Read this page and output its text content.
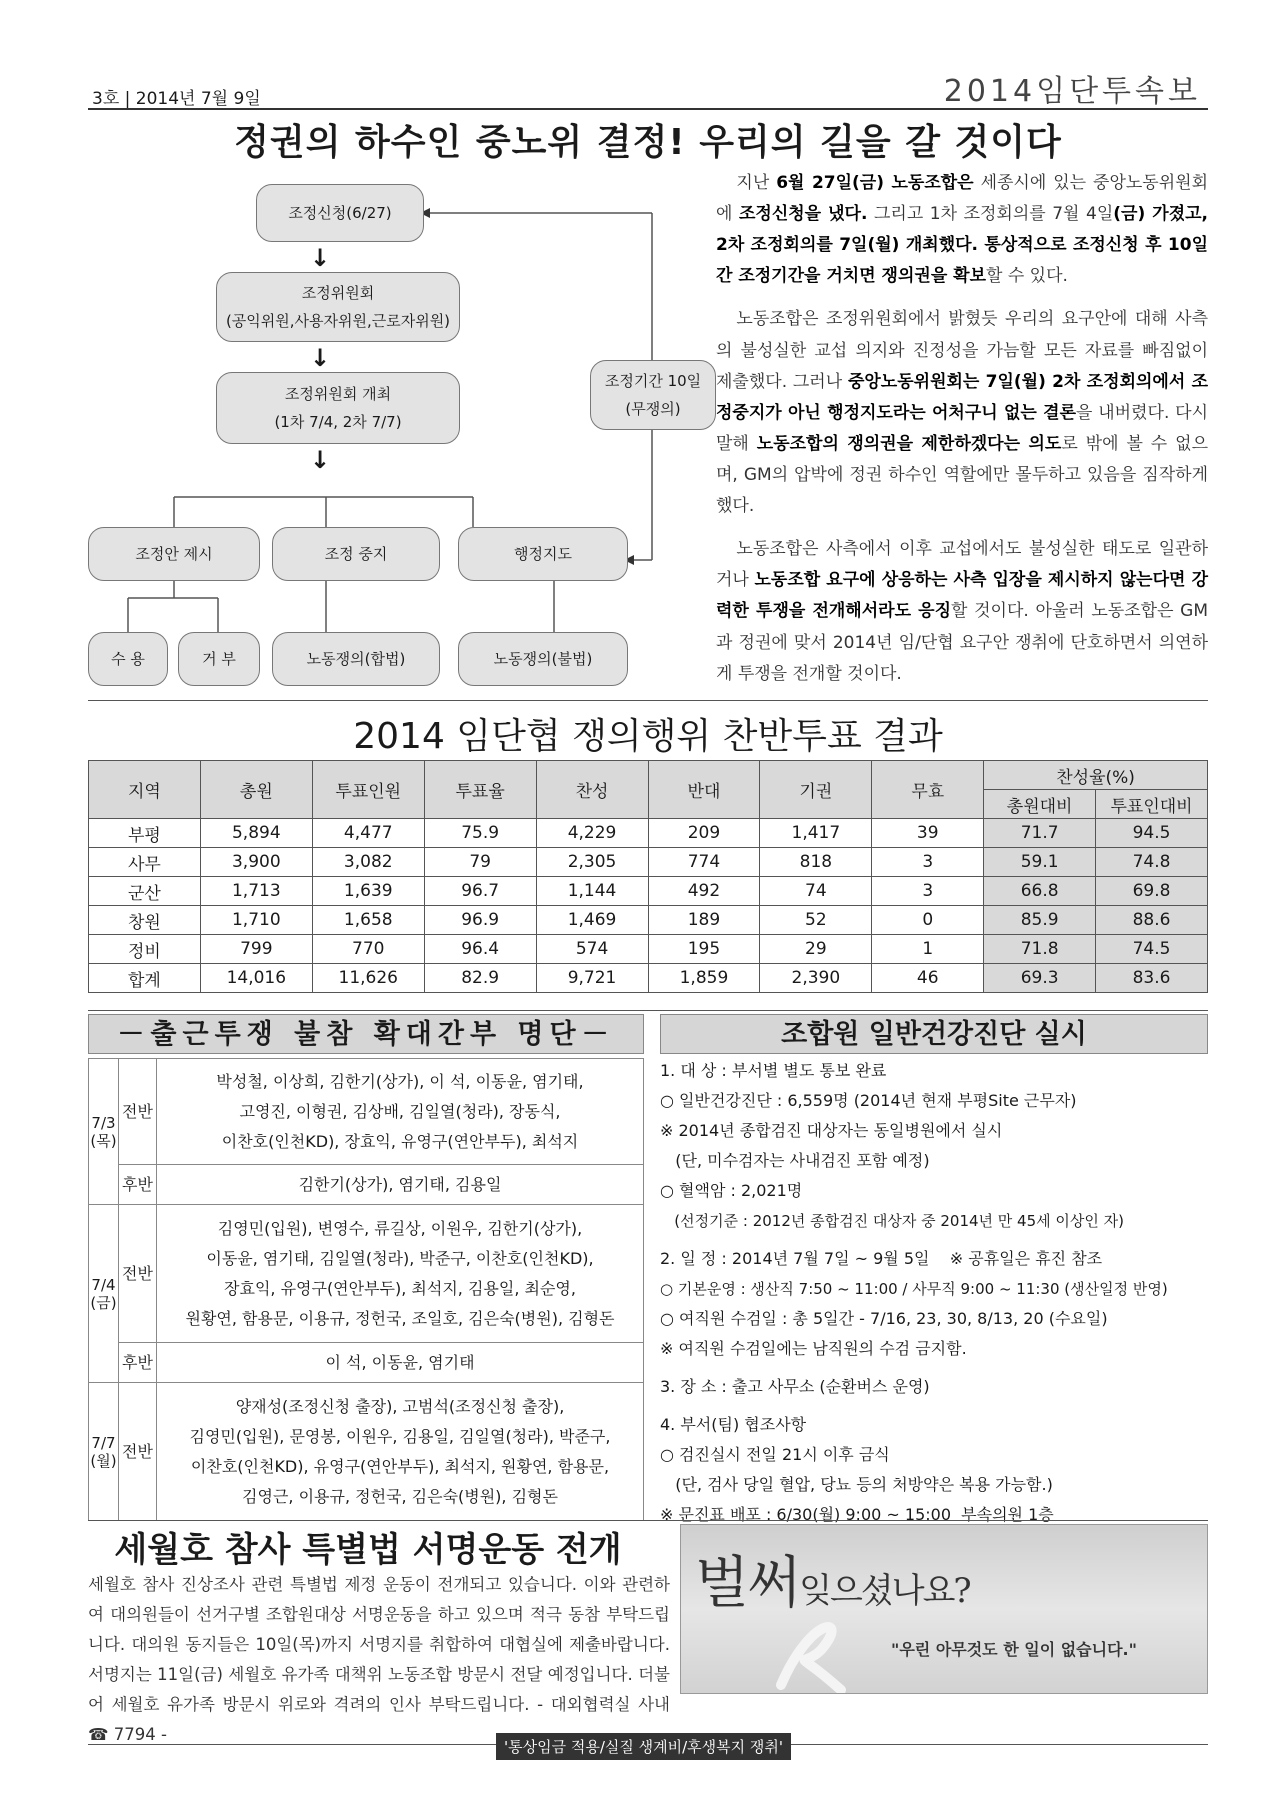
3호 | 2014년 7월 9일	2014임단투속보
정권의 하수인 중노위 결정! 우리의 길을 갈 것이다
조정신청(6/27)
↓
조정위원회
(공익위원,사용자위원,근로자위원)
↓
조정위원회 개최
(1차 7/4, 2차 7/7)
↓
조정기간 10일
(무쟁의)
조정안 제시	조정 중지	행정지도
수 용	거 부	노동쟁의(합법)	노동쟁의(불법)

지난 6월 27일(금) 노동조합은 세종시에 있는 중앙노동위원회에 조정신청을 냈다. 그리고 1차 조정회의를 7월 4일(금) 가졌고, 2차 조정회의를 7일(월) 개최했다. 통상적으로 조정신청 후 10일간 조정기간을 거치면 쟁의권을 확보할 수 있다.

노동조합은 조정위원회에서 밝혔듯 우리의 요구안에 대해 사측의 불성실한 교섭 의지와 진정성을 가늠할 모든 자료를 빠짐없이 제출했다. 그러나 중앙노동위원회는 7일(월) 2차 조정회의에서 조정중지가 아닌 행정지도라는 어처구니 없는 결론을 내버렸다. 다시 말해 노동조합의 쟁의권을 제한하겠다는 의도로 밖에 볼 수 없으며, GM의 압박에 정권 하수인 역할에만 몰두하고 있음을 짐작하게 했다.

노동조합은 사측에서 이후 교섭에서도 불성실한 태도로 일관하거나 노동조합 요구에 상응하는 사측 입장을 제시하지 않는다면 강력한 투쟁을 전개해서라도 응징할 것이다. 아울러 노동조합은 GM과 정권에 맞서 2014년 임/단협 요구안 쟁취에 단호하면서 의연하게 투쟁을 전개할 것이다.

2014 임단협 쟁의행위 찬반투표 결과
지역	총원	투표인원	투표율	찬성	반대	기권	무효	찬성율(%)	
								총원대비	투표인대비
부평	5,894	4,477	75.9	4,229	209	1,417	39	71.7	94.5
사무	3,900	3,082	79	2,305	774	818	3	59.1	74.8
군산	1,713	1,639	96.7	1,144	492	74	3	66.8	69.8
창원	1,710	1,658	96.9	1,469	189	52	0	85.9	88.6
정비	799	770	96.4	574	195	29	1	71.8	74.5
합계	14,016	11,626	82.9	9,721	1,859	2,390	46	69.3	83.6
－출근투쟁 불참 확대간부 명단－
7/3 (목)	전반	박성철, 이상희, 김한기(상가), 이 석, 이동윤, 염기태,
고영진, 이형권, 김상배, 김일열(청라), 장동식,
이찬호(인천KD), 장효익, 유영구(연안부두), 최석지

	후반	김한기(상가), 염기태, 김용일
7/4 (금)	전반	김영민(입원), 변영수, 류길상, 이원우, 김한기(상가),
이동윤, 염기태, 김일열(청라), 박준구, 이찬호(인천KD),
장효익, 유영구(연안부두), 최석지, 김용일, 최순영,
원황연, 함용문, 이용규, 정헌국, 조일호, 김은숙(병원), 김형돈

	후반	이 석, 이동윤, 염기태
7/7 (월)	전반	양재성(조정신청 출장), 고범석(조정신청 출장),
김영민(입원), 문영봉, 이원우, 김용일, 김일열(청라), 박준구,
이찬호(인천KD), 유영구(연안부두), 최석지, 원황연, 함용문,
김영근, 이용규, 정헌국, 김은숙(병원), 김형돈
조합원 일반건강진단 실시
1. 대 상 : 부서별 별도 통보 완료
○ 일반건강진단 : 6,559명 (2014년 현재 부평Site 근무자)
※ 2014년 종합검진 대상자는 동일병원에서 실시
(단, 미수검자는 사내검진 포함 예정)
○ 혈액암 : 2,021명
(선정기준 : 2012년 종합검진 대상자 중 2014년 만 45세 이상인 자)
2. 일 정 : 2014년 7월 7일 ~ 9월 5일    ※ 공휴일은 휴진 참조
○ 기본운영 : 생산직 7:50 ~ 11:00 / 사무직 9:00 ~ 11:30 (생산일정 반영)
○ 여직원 수검일 : 총 5일간 - 7/16, 23, 30, 8/13, 20 (수요일)
※ 여직원 수검일에는 남직원의 수검 금지함.
3. 장 소 : 출고 사무소 (순환버스 운영)
4. 부서(팀) 협조사항
○ 검진실시 전일 21시 이후 금식
(단, 검사 당일 혈압, 당뇨 등의 처방약은 복용 가능함.)
※ 문진표 배포 : 6/30(월) 9:00 ~ 15:00  부속의원 1층
세월호 참사 특별법 서명운동 전개
세월호 참사 진상조사 관련 특별법 제정 운동이 전개되고 있습니다. 이와 관련하여 대의원들이 선거구별 조합원대상 서명운동을 하고 있으며 적극 동참 부탁드립니다. 대의원 동지들은 10일(목)까지 서명지를 취합하여 대협실에 제출바랍니다. 서명지는 11일(금) 세월호 유가족 대책위 노동조합 방문시 전달 예정입니다. 더불어 세월호 유가족 방문시 위로와 격려의 인사 부탁드립니다. - 대외협력실 사내 ☎ 7794 -
벌써잊으셨나요?
"우린 아무것도 한 일이 없습니다."
'통상임금 적용/실질 생계비/후생복지 쟁취'
